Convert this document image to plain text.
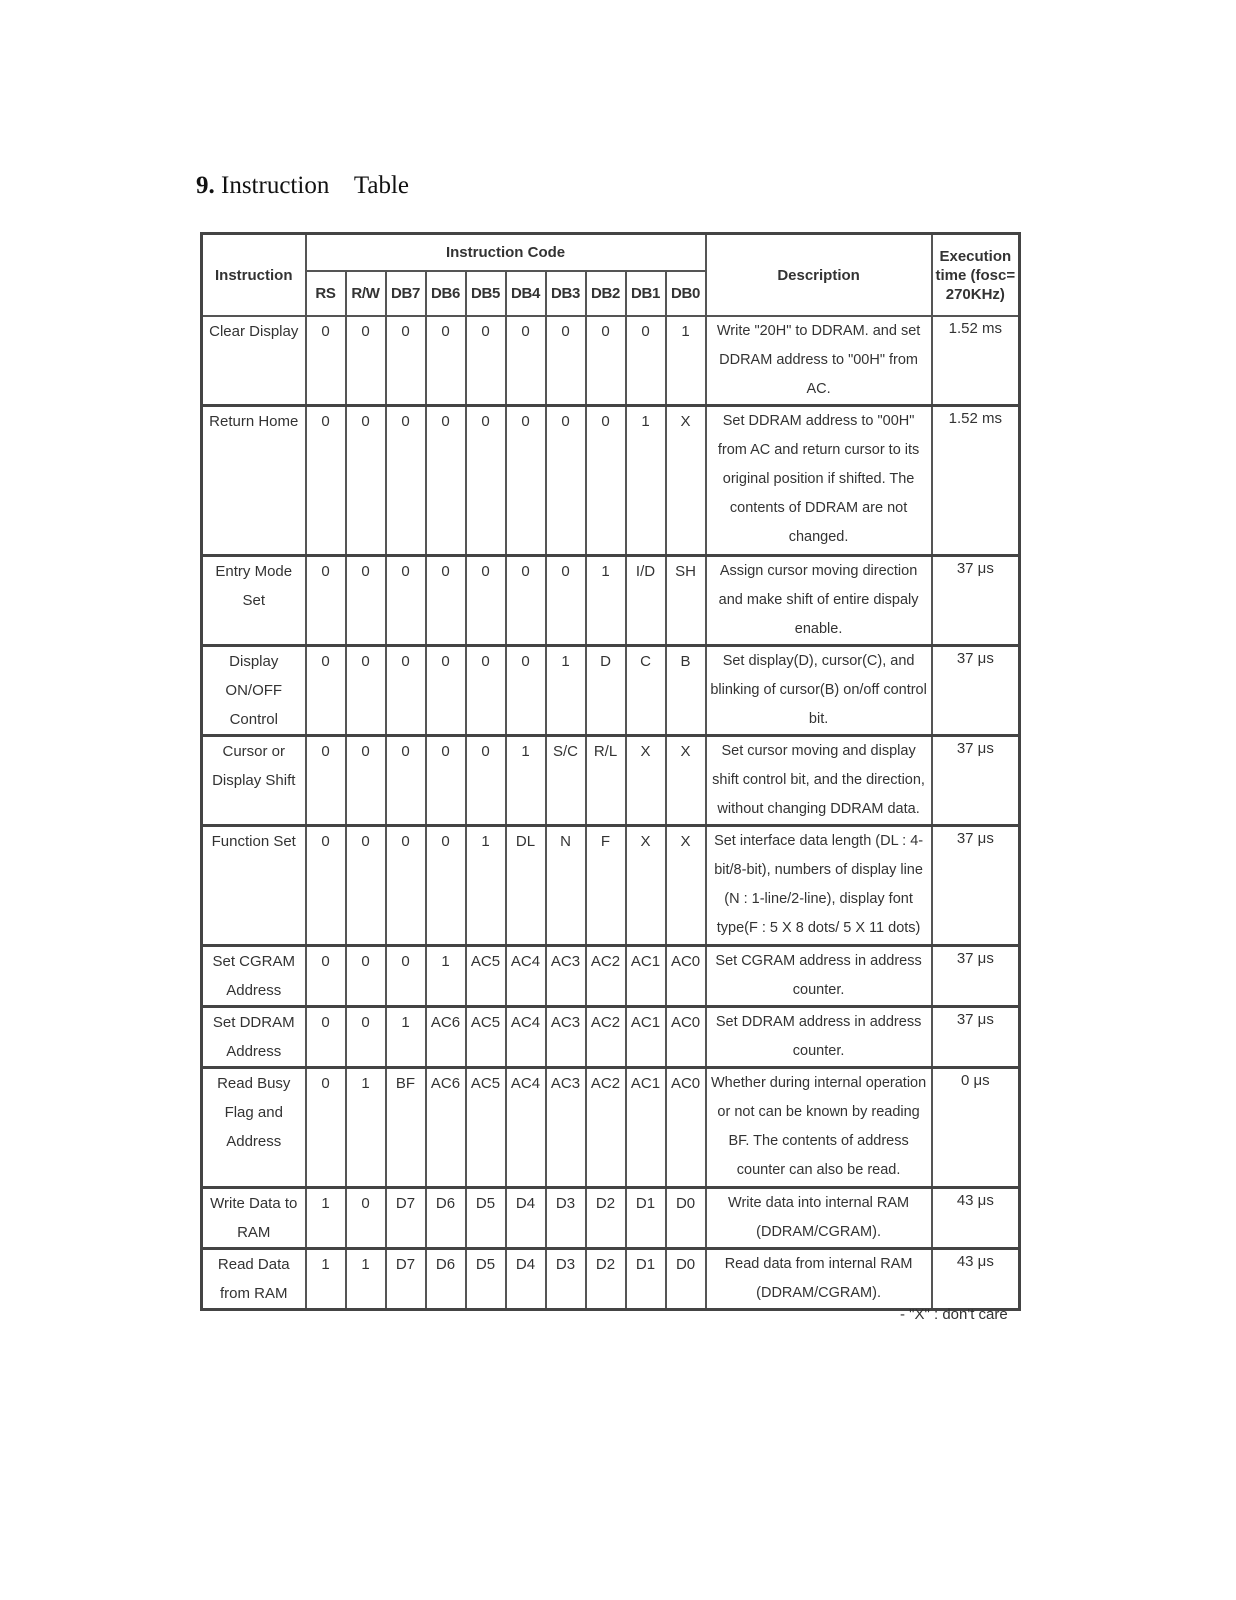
9. Instruction    Table
Instruction	Instruction Code										Description	Execution time (fosc= 270KHz)
	RS	R/W	DB7	DB6	DB5	DB4	DB3	DB2	DB1	DB0		
Clear Display	0	0	0	0	0	0	0	0	0	1	Write "20H" to DDRAM. and set DDRAM address to "00H" from AC.	1.52 ms
Return Home	0	0	0	0	0	0	0	0	1	X	Set DDRAM address to "00H" from AC and return cursor to its original position if shifted. The contents of DDRAM are not changed.	1.52 ms
Entry Mode Set	0	0	0	0	0	0	0	1	I/D	SH	Assign cursor moving direction and make shift of entire dispaly enable.	37 μs
Display ON/OFF Control	0	0	0	0	0	0	1	D	C	B	Set display(D), cursor(C), and blinking of cursor(B) on/off control bit.	37 μs
Cursor or Display Shift	0	0	0	0	0	1	S/C	R/L	X	X	Set cursor moving and display shift control bit, and the direction, without changing DDRAM data.	37 μs
Function Set	0	0	0	0	1	DL	N	F	X	X	Set interface data length (DL : 4-bit/8-bit), numbers of display line (N : 1-line/2-line), display font type(F : 5 X 8 dots/ 5 X 11 dots)	37 μs
Set CGRAM Address	0	0	0	1	AC5	AC4	AC3	AC2	AC1	AC0	Set CGRAM address in address counter.	37 μs
Set DDRAM Address	0	0	1	AC6	AC5	AC4	AC3	AC2	AC1	AC0	Set DDRAM address in address counter.	37 μs
Read Busy Flag and Address	0	1	BF	AC6	AC5	AC4	AC3	AC2	AC1	AC0	Whether during internal operation or not can be known by reading BF. The contents of address counter can also be read.	0 μs
Write Data to RAM	1	0	D7	D6	D5	D4	D3	D2	D1	D0	Write data into internal RAM (DDRAM/CGRAM).	43 μs
Read Data from RAM	1	1	D7	D6	D5	D4	D3	D2	D1	D0	Read data from internal RAM (DDRAM/CGRAM).	43 μs
- "X" : don't care
